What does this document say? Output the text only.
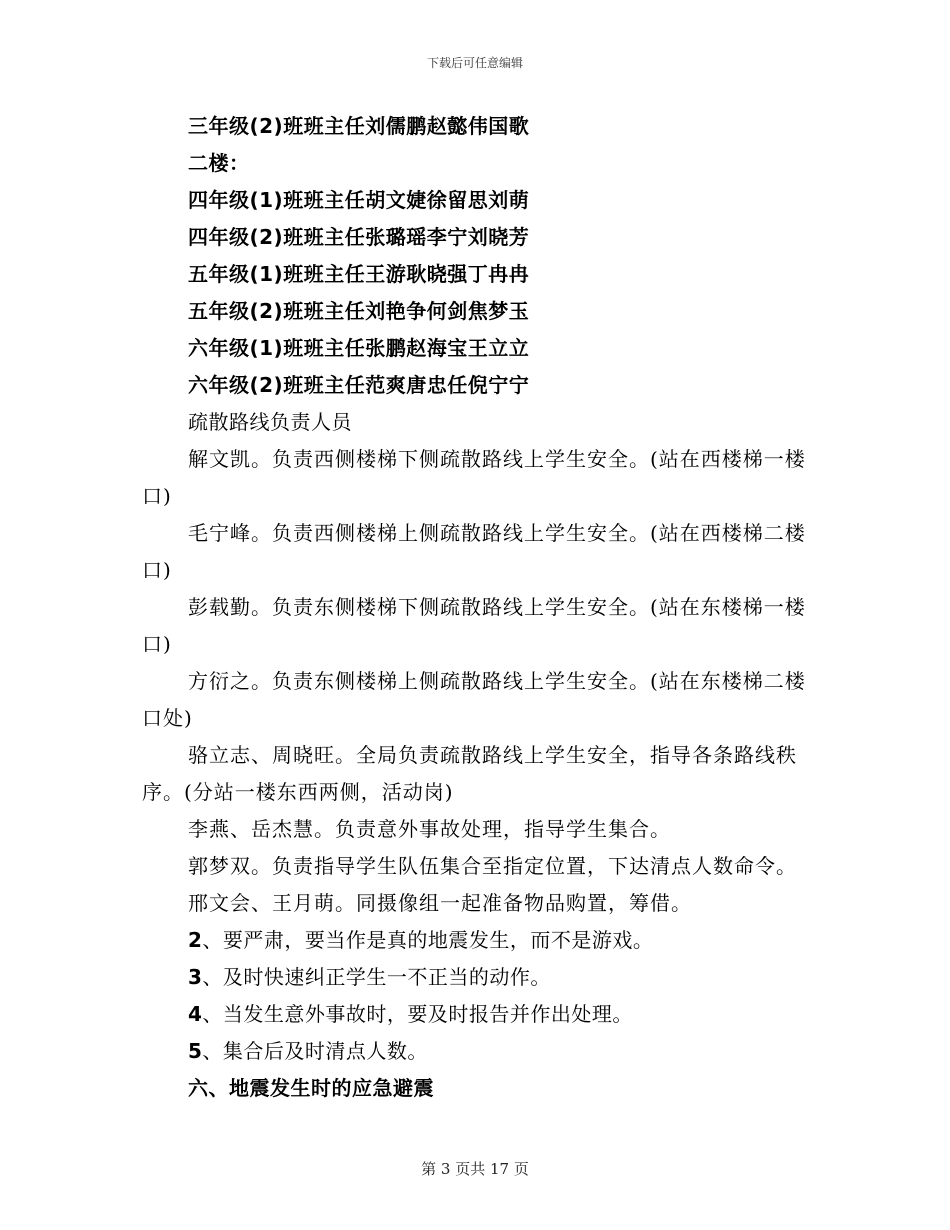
下载后可任意编辑
三年级(2)班班主任刘儒鹏赵懿伟国歌
二楼：
四年级(1)班班主任胡文婕徐留思刘萌
四年级(2)班班主任张璐瑶李宁刘晓芳
五年级(1)班班主任王游耿晓强丁冉冉
五年级(2)班班主任刘艳争何剑焦梦玉
六年级(1)班班主任张鹏赵海宝王立立
六年级(2)班班主任范爽唐忠任倪宁宁
疏散路线负责人员

解文凯。负责西侧楼梯下侧疏散路线上学生安全。(站在西楼梯一楼口)

毛宁峰。负责西侧楼梯上侧疏散路线上学生安全。(站在西楼梯二楼口)

彭载勤。负责东侧楼梯下侧疏散路线上学生安全。(站在东楼梯一楼口)

方衍之。负责东侧楼梯上侧疏散路线上学生安全。(站在东楼梯二楼口处)

骆立志、周晓旺。全局负责疏散路线上学生安全，指导各条路线秩序。(分站一楼东西两侧，活动岗)

李燕、岳杰慧。负责意外事故处理，指导学生集合。

郭梦双。负责指导学生队伍集合至指定位置，下达清点人数命令。

邢文会、王月萌。同摄像组一起准备物品购置，筹借。

2、要严肃，要当作是真的地震发生，而不是游戏。
3、及时快速纠正学生一不正当的动作。
4、当发生意外事故时，要及时报告并作出处理。
5、集合后及时清点人数。
六、地震发生时的应急避震
第 3 页共 17 页
